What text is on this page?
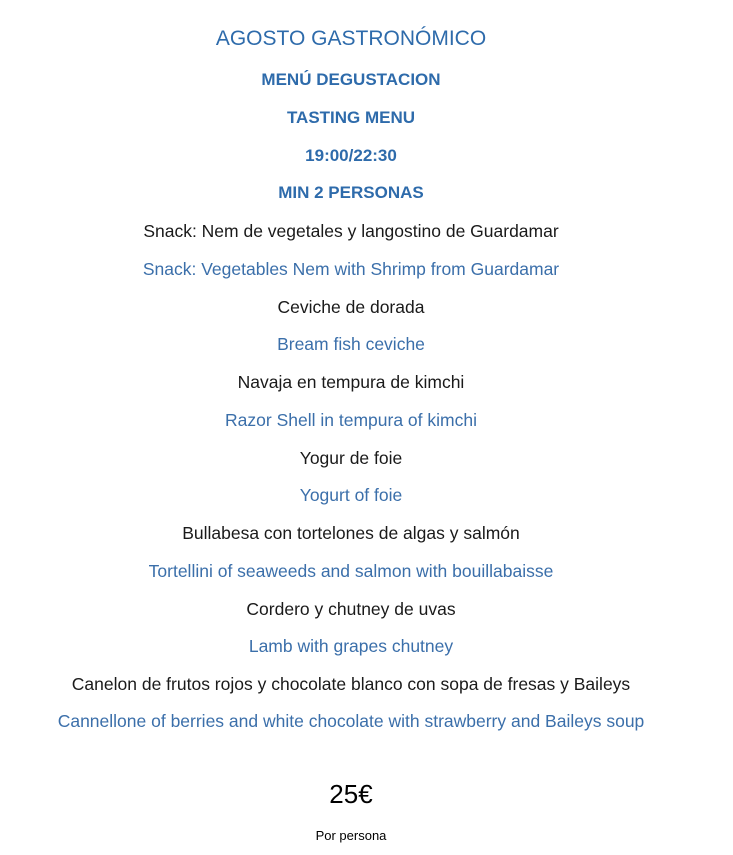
AGOSTO GASTRONÓMICO
MENÚ DEGUSTACION
TASTING MENU
19:00/22:30
MIN 2 PERSONAS
Snack: Nem de vegetales y langostino de Guardamar
Snack: Vegetables Nem with Shrimp from Guardamar
Ceviche de dorada
Bream fish ceviche
Navaja en tempura de kimchi
Razor Shell in tempura of kimchi
Yogur de foie
Yogurt of foie
Bullabesa con tortelones de algas y salmón
Tortellini of seaweeds and salmon with bouillabaisse
Cordero y chutney de uvas
Lamb with grapes chutney
Canelon de frutos rojos y chocolate blanco con sopa de fresas y Baileys
Cannellone of berries and white chocolate with strawberry and Baileys soup
25€
Por persona
